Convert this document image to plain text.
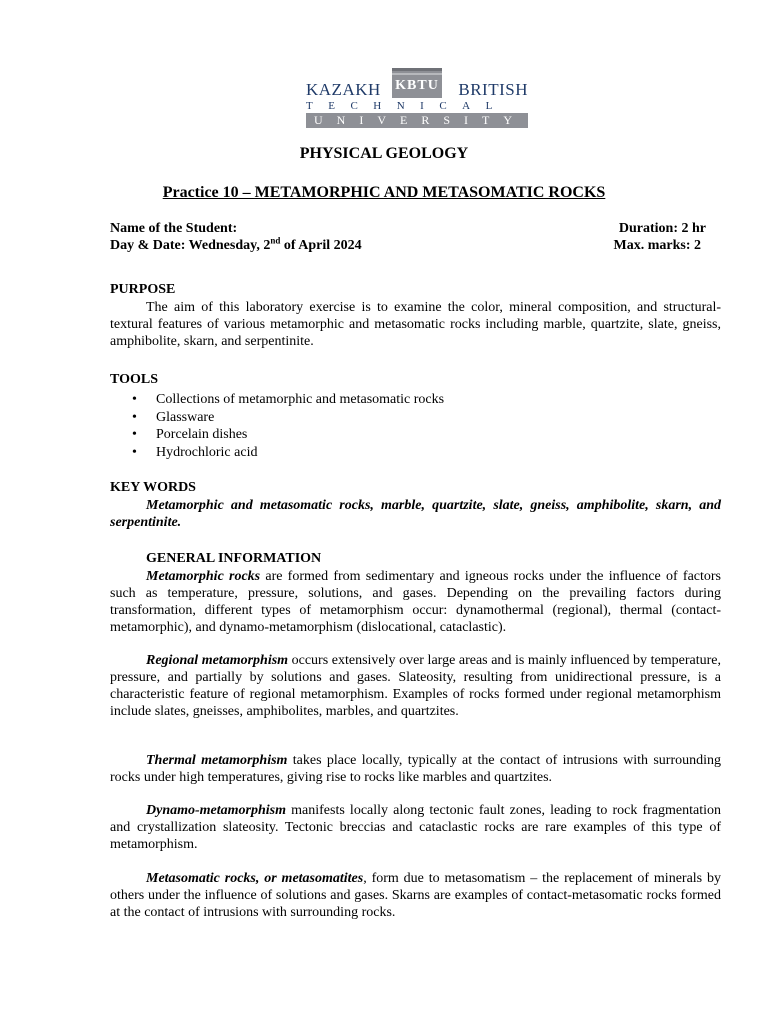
KAZAKH	BRITISH
KBTU
TECHNICAL
UNIVERSITY
PHYSICAL GEOLOGY
Practice 10 – METAMORPHIC AND METASOMATIC ROCKS
Name of the Student:	Duration: 2 hr
Day & Date: Wednesday, 2nd of April 2024	Max. marks: 2
PURPOSE

The aim of this laboratory exercise is to examine the color, mineral composition, and structural-textural features of various metamorphic and metasomatic rocks including marble, quartzite, slate, gneiss, amphibolite, skarn, and serpentinite.

TOOLS
• Collections of metamorphic and metasomatic rocks
• Glassware
• Porcelain dishes
• Hydrochloric acid
KEY WORDS

Metamorphic and metasomatic rocks, marble, quartzite, slate, gneiss, amphibolite, skarn, and serpentinite.

GENERAL INFORMATION

Metamorphic rocks are formed from sedimentary and igneous rocks under the influence of factors such as temperature, pressure, solutions, and gases. Depending on the prevailing factors during transformation, different types of metamorphism occur: dynamothermal (regional), thermal (contact-metamorphic), and dynamo-metamorphism (dislocational, cataclastic).

Regional metamorphism occurs extensively over large areas and is mainly influenced by temperature, pressure, and partially by solutions and gases. Slateosity, resulting from unidirectional pressure, is a characteristic feature of regional metamorphism. Examples of rocks formed under regional metamorphism include slates, gneisses, amphibolites, marbles, and quartzites.

Thermal metamorphism takes place locally, typically at the contact of intrusions with surrounding rocks under high temperatures, giving rise to rocks like marbles and quartzites.

Dynamo-metamorphism manifests locally along tectonic fault zones, leading to rock fragmentation and crystallization slateosity. Tectonic breccias and cataclastic rocks are rare examples of this type of metamorphism.

Metasomatic rocks, or metasomatites, form due to metasomatism – the replacement of minerals by others under the influence of solutions and gases. Skarns are examples of contact-metasomatic rocks formed at the contact of intrusions with surrounding rocks.
